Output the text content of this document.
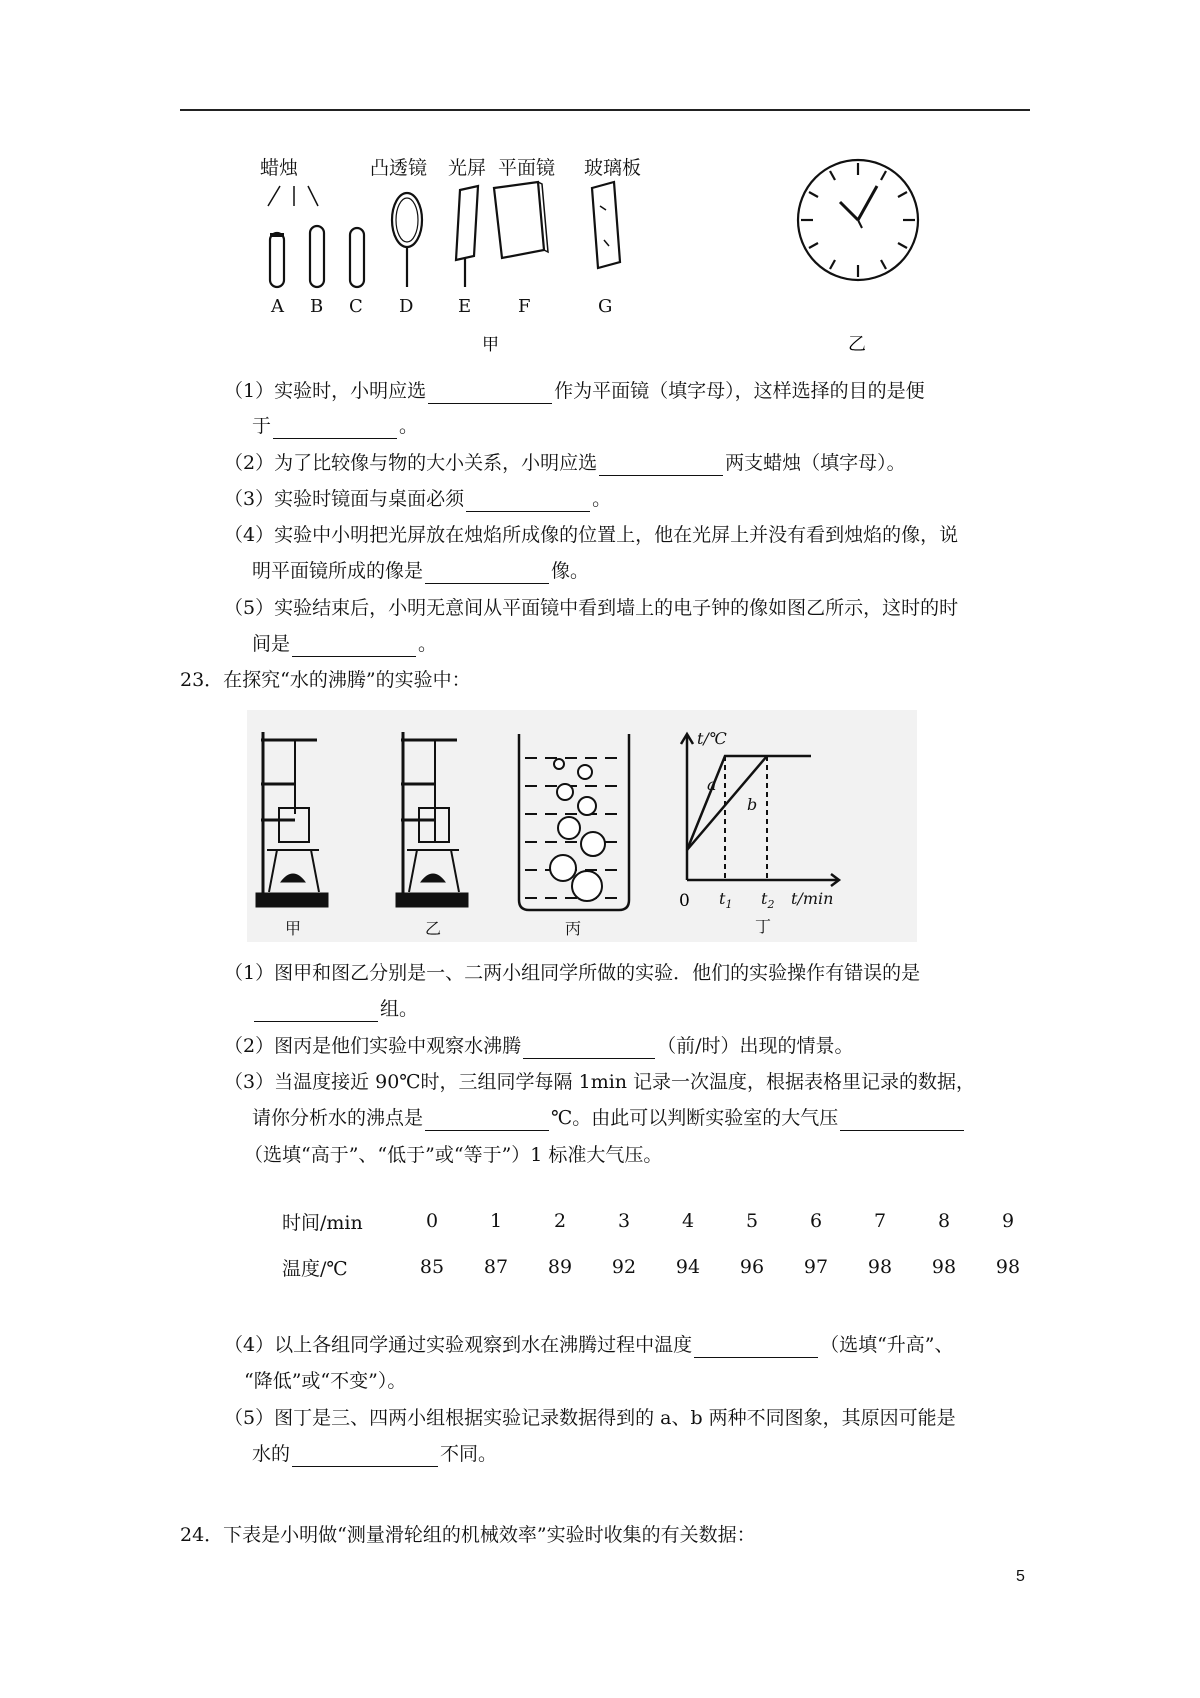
蜡烛	凸透镜 光屏 平面镜 玻璃板
A B C D E	F	G
甲	乙
（1）实验时，小明应选	作为平面镜（填字母），这样选择的目的是便
于	。
（2）为了比较像与物的大小关系，小明应选	两支蜡烛（填字母）。
（3）实验时镜面与桌面必须	。
（4）实验中小明把光屏放在烛焰所成像的位置上，他在光屏上并没有看到烛焰的像，说
明平面镜所成的像是	像。
（5）实验结束后，小明无意间从平面镜中看到墙上的电子钟的像如图乙所示，这时的时
间是	。
23．在探究“水的沸腾”的实验中：
t/℃
a
b
t/min
$t_1$ $t_2$
0
甲	乙	丙	丁
（1）图甲和图乙分别是一、二两小组同学所做的实验．他们的实验操作有错误的是
组。
（2）图丙是他们实验中观察水沸腾	（前/时）出现的情景。
（3）当温度接近 90℃时，三组同学每隔 1min 记录一次温度，根据表格里记录的数据，
请你分析水的沸点是	℃。由此可以判断实验室的大气压
（选填“高于”、“低于”或“等于”）1 标准大气压。
时间/min	0	1	2	3	4	5	6	7	8	9
温度/℃	85	87	89	92	94	96	97	98	98	98
（4）以上各组同学通过实验观察到水在沸腾过程中温度	（选填“升高”、
“降低”或“不变”）。
（5）图丁是三、四两小组根据实验记录数据得到的 a、b 两种不同图象，其原因可能是
水的	不同。
24．下表是小明做“测量滑轮组的机械效率”实验时收集的有关数据：
5
